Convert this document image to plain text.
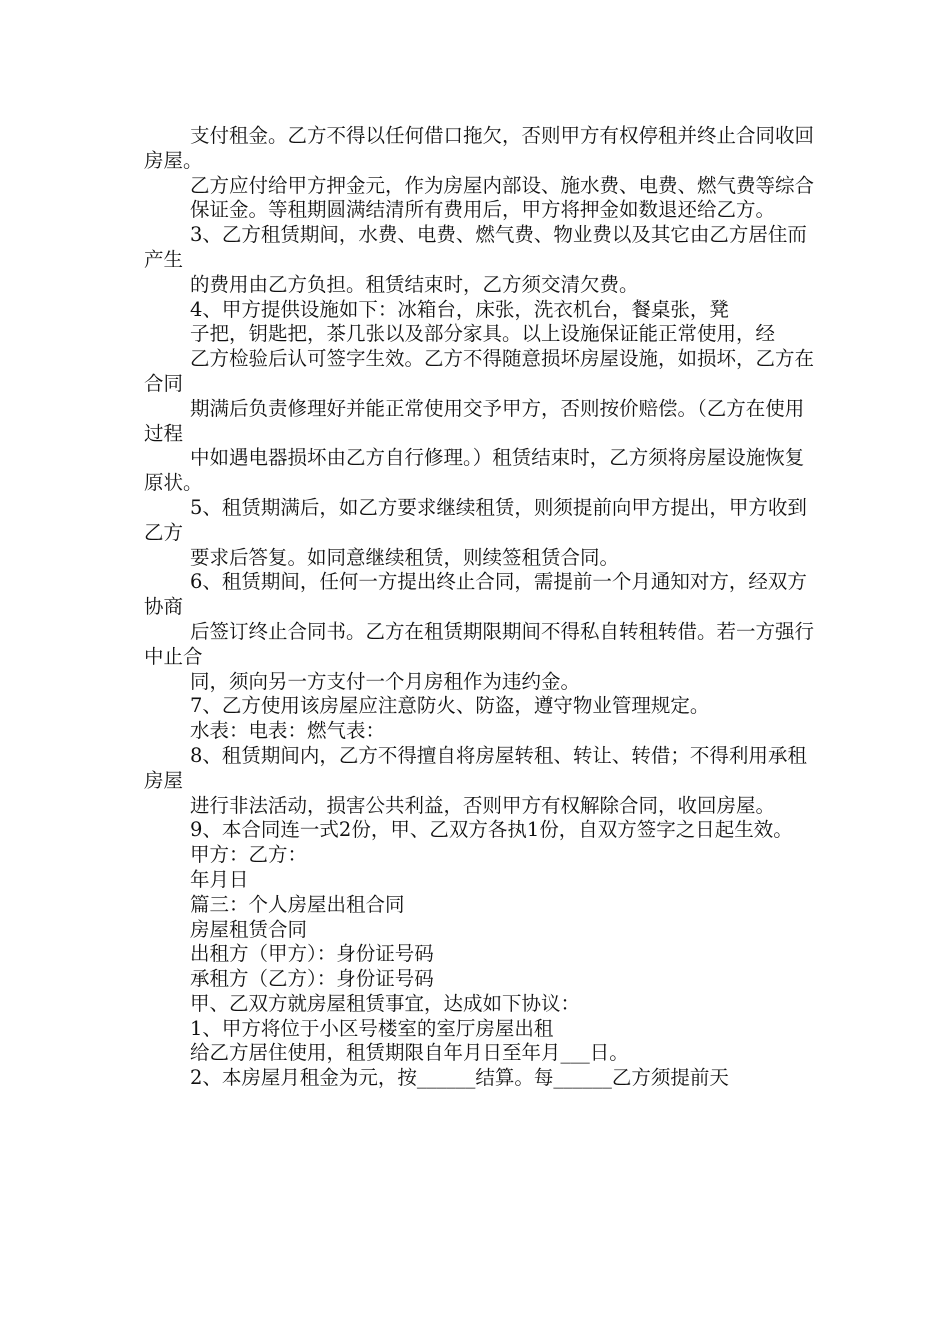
支付租金。乙方不得以任何借口拖欠，否则甲方有权停租并终止合同收回房屋。

乙方应付给甲方押金元，作为房屋内部设、施水费、电费、燃气费等综合

保证金。等租期圆满结清所有费用后，甲方将押金如数退还给乙方。

3、乙方租赁期间，水费、电费、燃气费、物业费以及其它由乙方居住而产生

的费用由乙方负担。租赁结束时，乙方须交清欠费。

4、甲方提供设施如下：冰箱台，床张，洗衣机台，餐桌张，凳

子把，钥匙把，茶几张以及部分家具。以上设施保证能正常使用，经

乙方检验后认可签字生效。乙方不得随意损坏房屋设施，如损坏，乙方在合同

期满后负责修理好并能正常使用交予甲方，否则按价赔偿。（乙方在使用过程

中如遇电器损坏由乙方自行修理。）租赁结束时，乙方须将房屋设施恢复原状。

5、租赁期满后，如乙方要求继续租赁，则须提前向甲方提出，甲方收到乙方

要求后答复。如同意继续租赁，则续签租赁合同。

6、租赁期间，任何一方提出终止合同，需提前一个月通知对方，经双方协商

后签订终止合同书。乙方在租赁期限期间不得私自转租转借。若一方强行中止合

同，须向另一方支付一个月房租作为违约金。

7、乙方使用该房屋应注意防火、防盗，遵守物业管理规定。

水表：电表：燃气表：

8、租赁期间内，乙方不得擅自将房屋转租、转让、转借；不得利用承租房屋

进行非法活动，损害公共利益，否则甲方有权解除合同，收回房屋。

9、本合同连一式2份，甲、乙双方各执1份，自双方签字之日起生效。

甲方：乙方：

年月日

篇三：个人房屋出租合同

房屋租赁合同

出租方（甲方）：身份证号码

承租方（乙方）：身份证号码

甲、乙双方就房屋租赁事宜，达成如下协议：

1、甲方将位于小区号楼室的室厅房屋出租

给乙方居住使用，租赁期限自年月日至年月___日。

2、本房屋月租金为元，按______结算。每______乙方须提前天
